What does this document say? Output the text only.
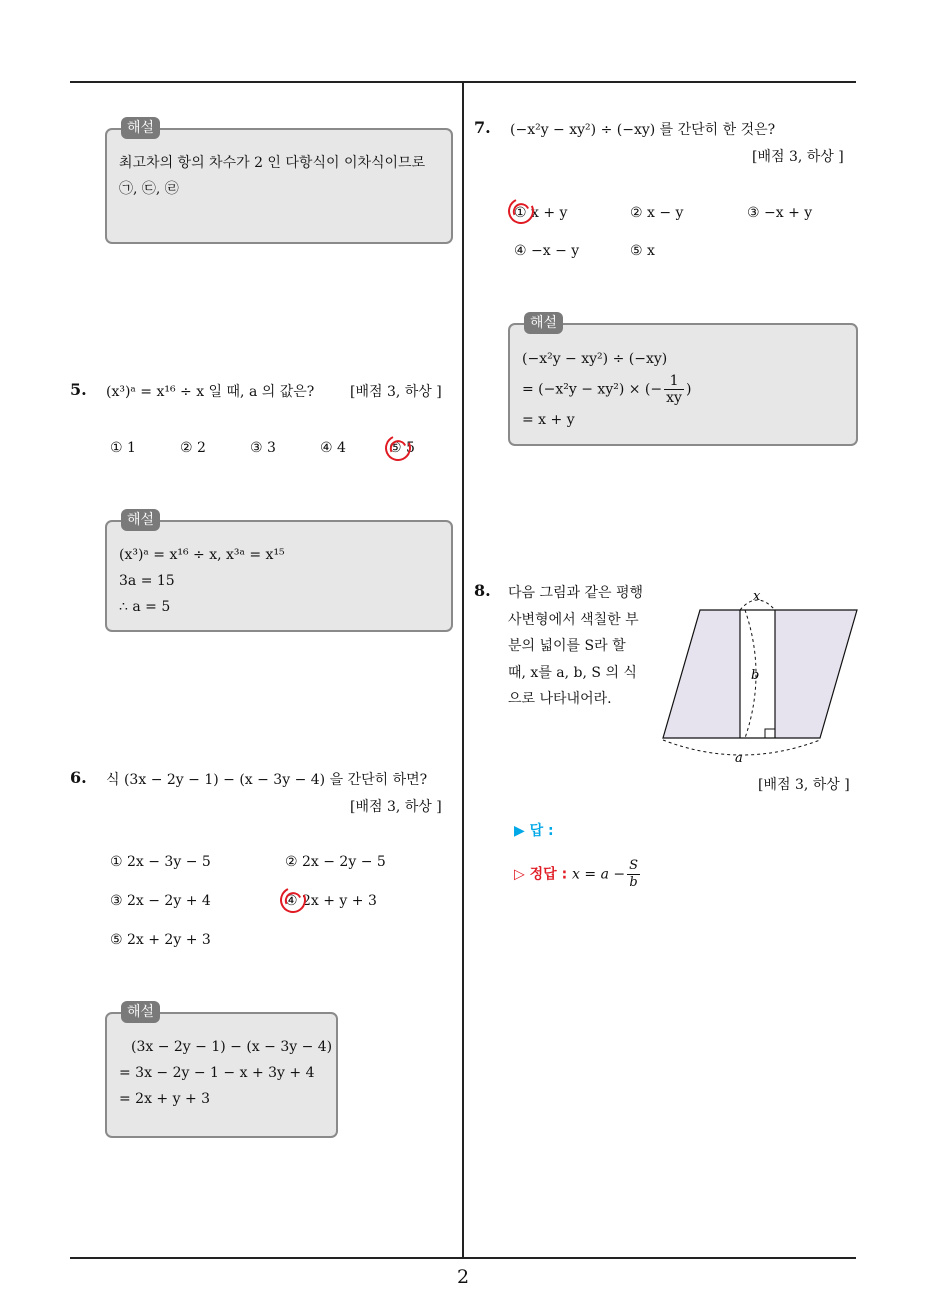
해설
최고차의 항의 차수가 2 인 다항식이 이차식이므로
㉠, ㉢, ㉣
5. (x³)ᵃ = x¹⁶ ÷ x 일 때, a 의 값은?	[배점 3, 하상 ]
① 1	② 2	③ 3	④ 4	⑤ 5
해설
(x³)ᵃ = x¹⁶ ÷ x, x³ᵃ = x¹⁵
3a = 15
∴ a = 5
6. 식 (3x − 2y − 1) − (x − 3y − 4) 을 간단히 하면?
[배점 3, 하상 ]
① 2x − 3y − 5	② 2x − 2y − 5
③ 2x − 2y + 4	④ 2x + y + 3
⑤ 2x + 2y + 3
해설
(3x − 2y − 1) − (x − 3y − 4)
= 3x − 2y − 1 − x + 3y + 4
= 2x + y + 3
7. (−x²y − xy²) ÷ (−xy) 를 간단히 한 것은?
[배점 3, 하상 ]
① x + y	② x − y	③ −x + y
④ −x − y	⑤ x
해설
(−x²y − xy²) ÷ (−xy)
= (−x²y − xy²) × (− $\frac{1}{xy}$ )
= x + y
8. 다음 그림과 같은 평행사변형에서 색칠한 부분의 넓이를 S라 할 때, x를 a, b, S 의 식으로 나타내어라.
x
b
a
[배점 3, 하상 ]
▶ 답 :
▷ 정답 : $x = a - \frac{S}{b}$
2
